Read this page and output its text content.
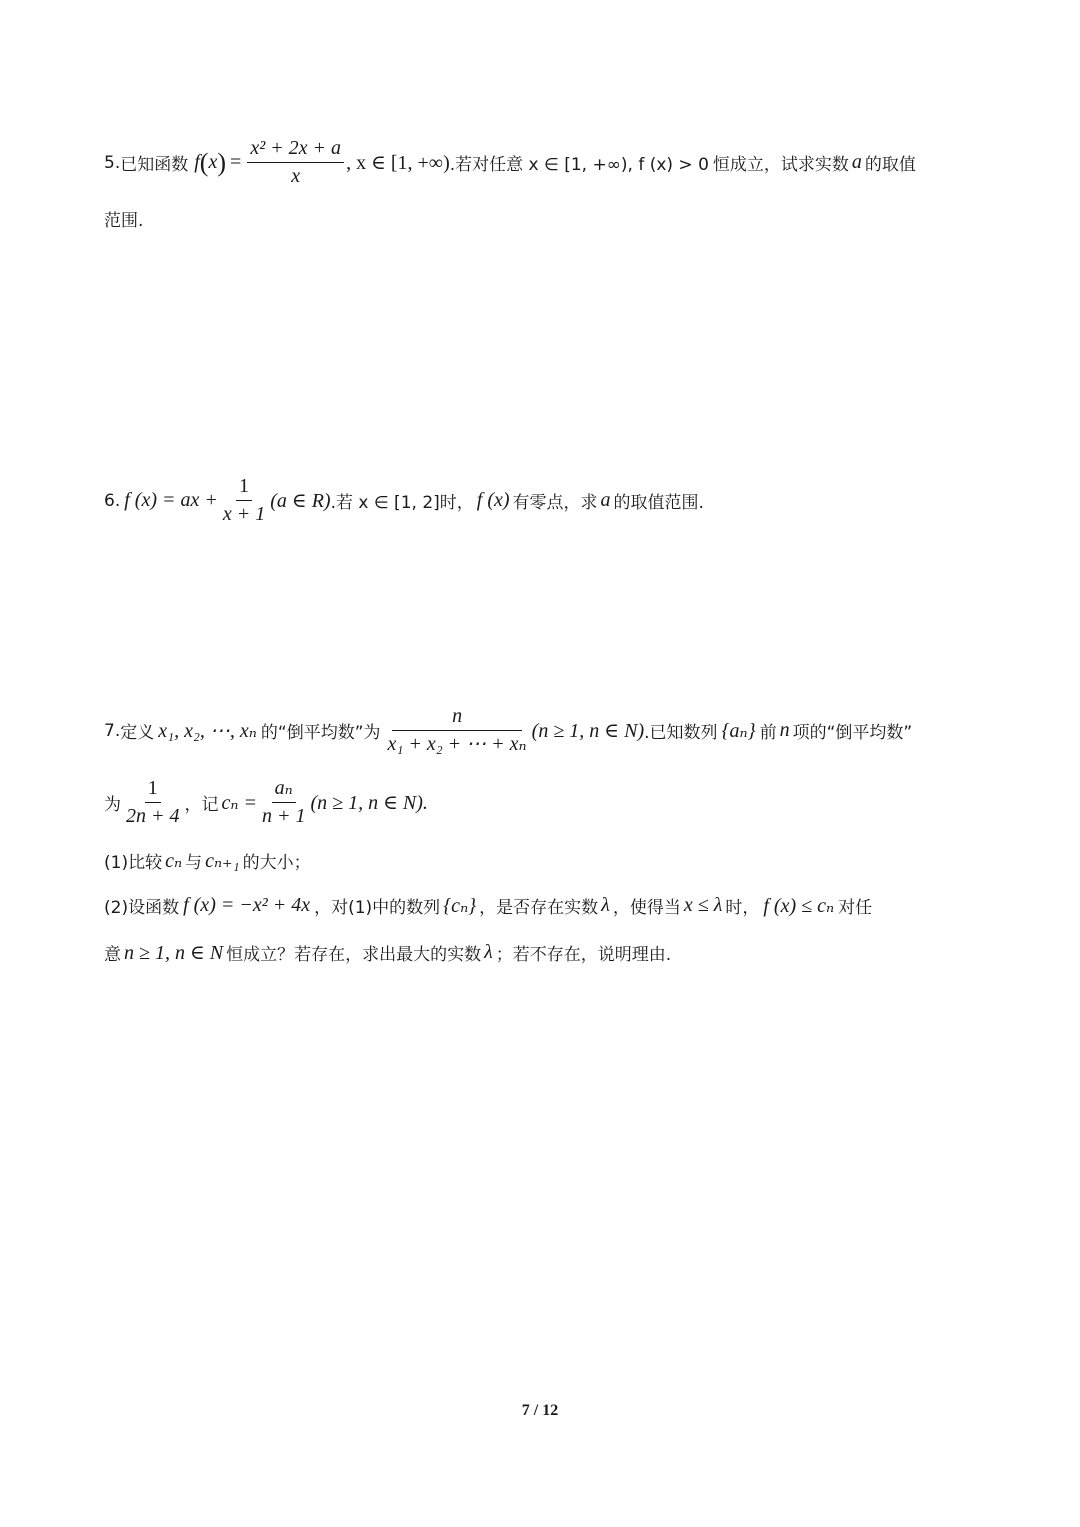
5. 已知函数 f ( x ) = $\frac{\text{x² + 2x + a}}{x}$ , x ∈ [1, +∞) .若对任意 x ∈ [1, +∞), f (x) > 0 恒成立，试求实数 a 的取值
范围.
6. f (x) = ax + $\frac{1}{x + 1} (a$ ∈ R) .若 x ∈ [1, 2] 时， f (x) 有零点，求 a 的取值范围.
7. 定义 x₁, x₂, ⋯, xₙ 的“倒平均数”为 $\frac{n}{\text{x₁ + x₂ + ⋯ + xₙ}} (n \ge 1$, n ∈ N) .已知数列 {aₙ} 前 n 项的“倒平均数”
为 $\frac{1}{2n + 4}$ ，记 $c_n = \frac{\text{aₙ}}{n + 1} (n \ge 1$, n ∈ N).
(1)比较 cₙ 与 cₙ₊₁ 的大小；
(2)设函数 f (x) = −x² + 4x ，对(1)中的数列 {cₙ} ，是否存在实数 λ ，使得当 x ≤ λ 时， f (x) ≤ cₙ 对任
意 n ≥ 1, n ∈ N 恒成立？若存在，求出最大的实数 λ ；若不存在，说明理由.
7 / 12
